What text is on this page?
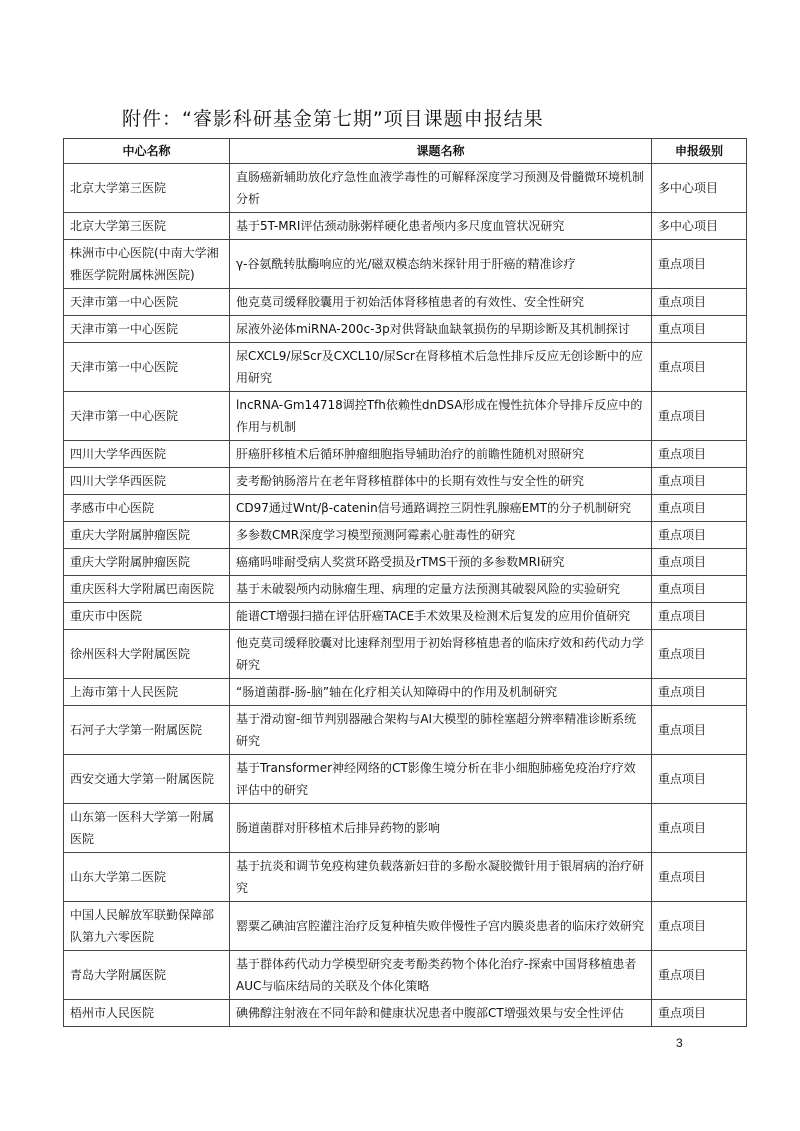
附件：“睿影科研基金第七期”项目课题申报结果
中心名称	课题名称	申报级别
北京大学第三医院	直肠癌新辅助放化疗急性血液学毒性的可解释深度学习预测及骨髓微环境机制分析	多中心项目
北京大学第三医院	基于5T-MRI评估颈动脉粥样硬化患者颅内多尺度血管状况研究	多中心项目
株洲市中心医院(中南大学湘雅医学院附属株洲医院)	γ-谷氨酰转肽酶响应的光/磁双模态纳米探针用于肝癌的精准诊疗	重点项目
天津市第一中心医院	他克莫司缓释胶囊用于初始活体肾移植患者的有效性、安全性研究	重点项目
天津市第一中心医院	尿液外泌体miRNA-200c-3p对供肾缺血缺氧损伤的早期诊断及其机制探讨	重点项目
天津市第一中心医院	尿CXCL9/尿Scr及CXCL10/尿Scr在肾移植术后急性排斥反应无创诊断中的应用研究	重点项目
天津市第一中心医院	lncRNA-Gm14718调控Tfh依赖性dnDSA形成在慢性抗体介导排斥反应中的作用与机制	重点项目
四川大学华西医院	肝癌肝移植术后循环肿瘤细胞指导辅助治疗的前瞻性随机对照研究	重点项目
四川大学华西医院	麦考酚钠肠溶片在老年肾移植群体中的长期有效性与安全性的研究	重点项目
孝感市中心医院	CD97通过Wnt/β-catenin信号通路调控三阴性乳腺癌EMT的分子机制研究	重点项目
重庆大学附属肿瘤医院	多参数CMR深度学习模型预测阿霉素心脏毒性的研究	重点项目
重庆大学附属肿瘤医院	癌痛吗啡耐受病人奖赏环路受损及rTMS干预的多参数MRI研究	重点项目
重庆医科大学附属巴南医院	基于未破裂颅内动脉瘤生理、病理的定量方法预测其破裂风险的实验研究	重点项目
重庆市中医院	能谱CT增强扫描在评估肝癌TACE手术效果及检测术后复发的应用价值研究	重点项目
徐州医科大学附属医院	他克莫司缓释胶囊对比速释剂型用于初始肾移植患者的临床疗效和药代动力学研究	重点项目
上海市第十人民医院	“肠道菌群-肠-脑”轴在化疗相关认知障碍中的作用及机制研究	重点项目
石河子大学第一附属医院	基于滑动窗-细节判别器融合架构与AI大模型的肺栓塞超分辨率精准诊断系统研究	重点项目
西安交通大学第一附属医院	基于Transformer神经网络的CT影像生境分析在非小细胞肺癌免疫治疗疗效评估中的研究	重点项目
山东第一医科大学第一附属医院	肠道菌群对肝移植术后排异药物的影响	重点项目
山东大学第二医院	基于抗炎和调节免疫构建负载落新妇苷的多酚水凝胶微针用于银屑病的治疗研究	重点项目
中国人民解放军联勤保障部队第九六零医院	罂粟乙碘油宫腔灌注治疗反复种植失败伴慢性子宫内膜炎患者的临床疗效研究	重点项目
青岛大学附属医院	基于群体药代动力学模型研究麦考酚类药物个体化治疗-探索中国肾移植患者AUC与临床结局的关联及个体化策略	重点项目
梧州市人民医院	碘佛醇注射液在不同年龄和健康状况患者中腹部CT增强效果与安全性评估	重点项目
3
